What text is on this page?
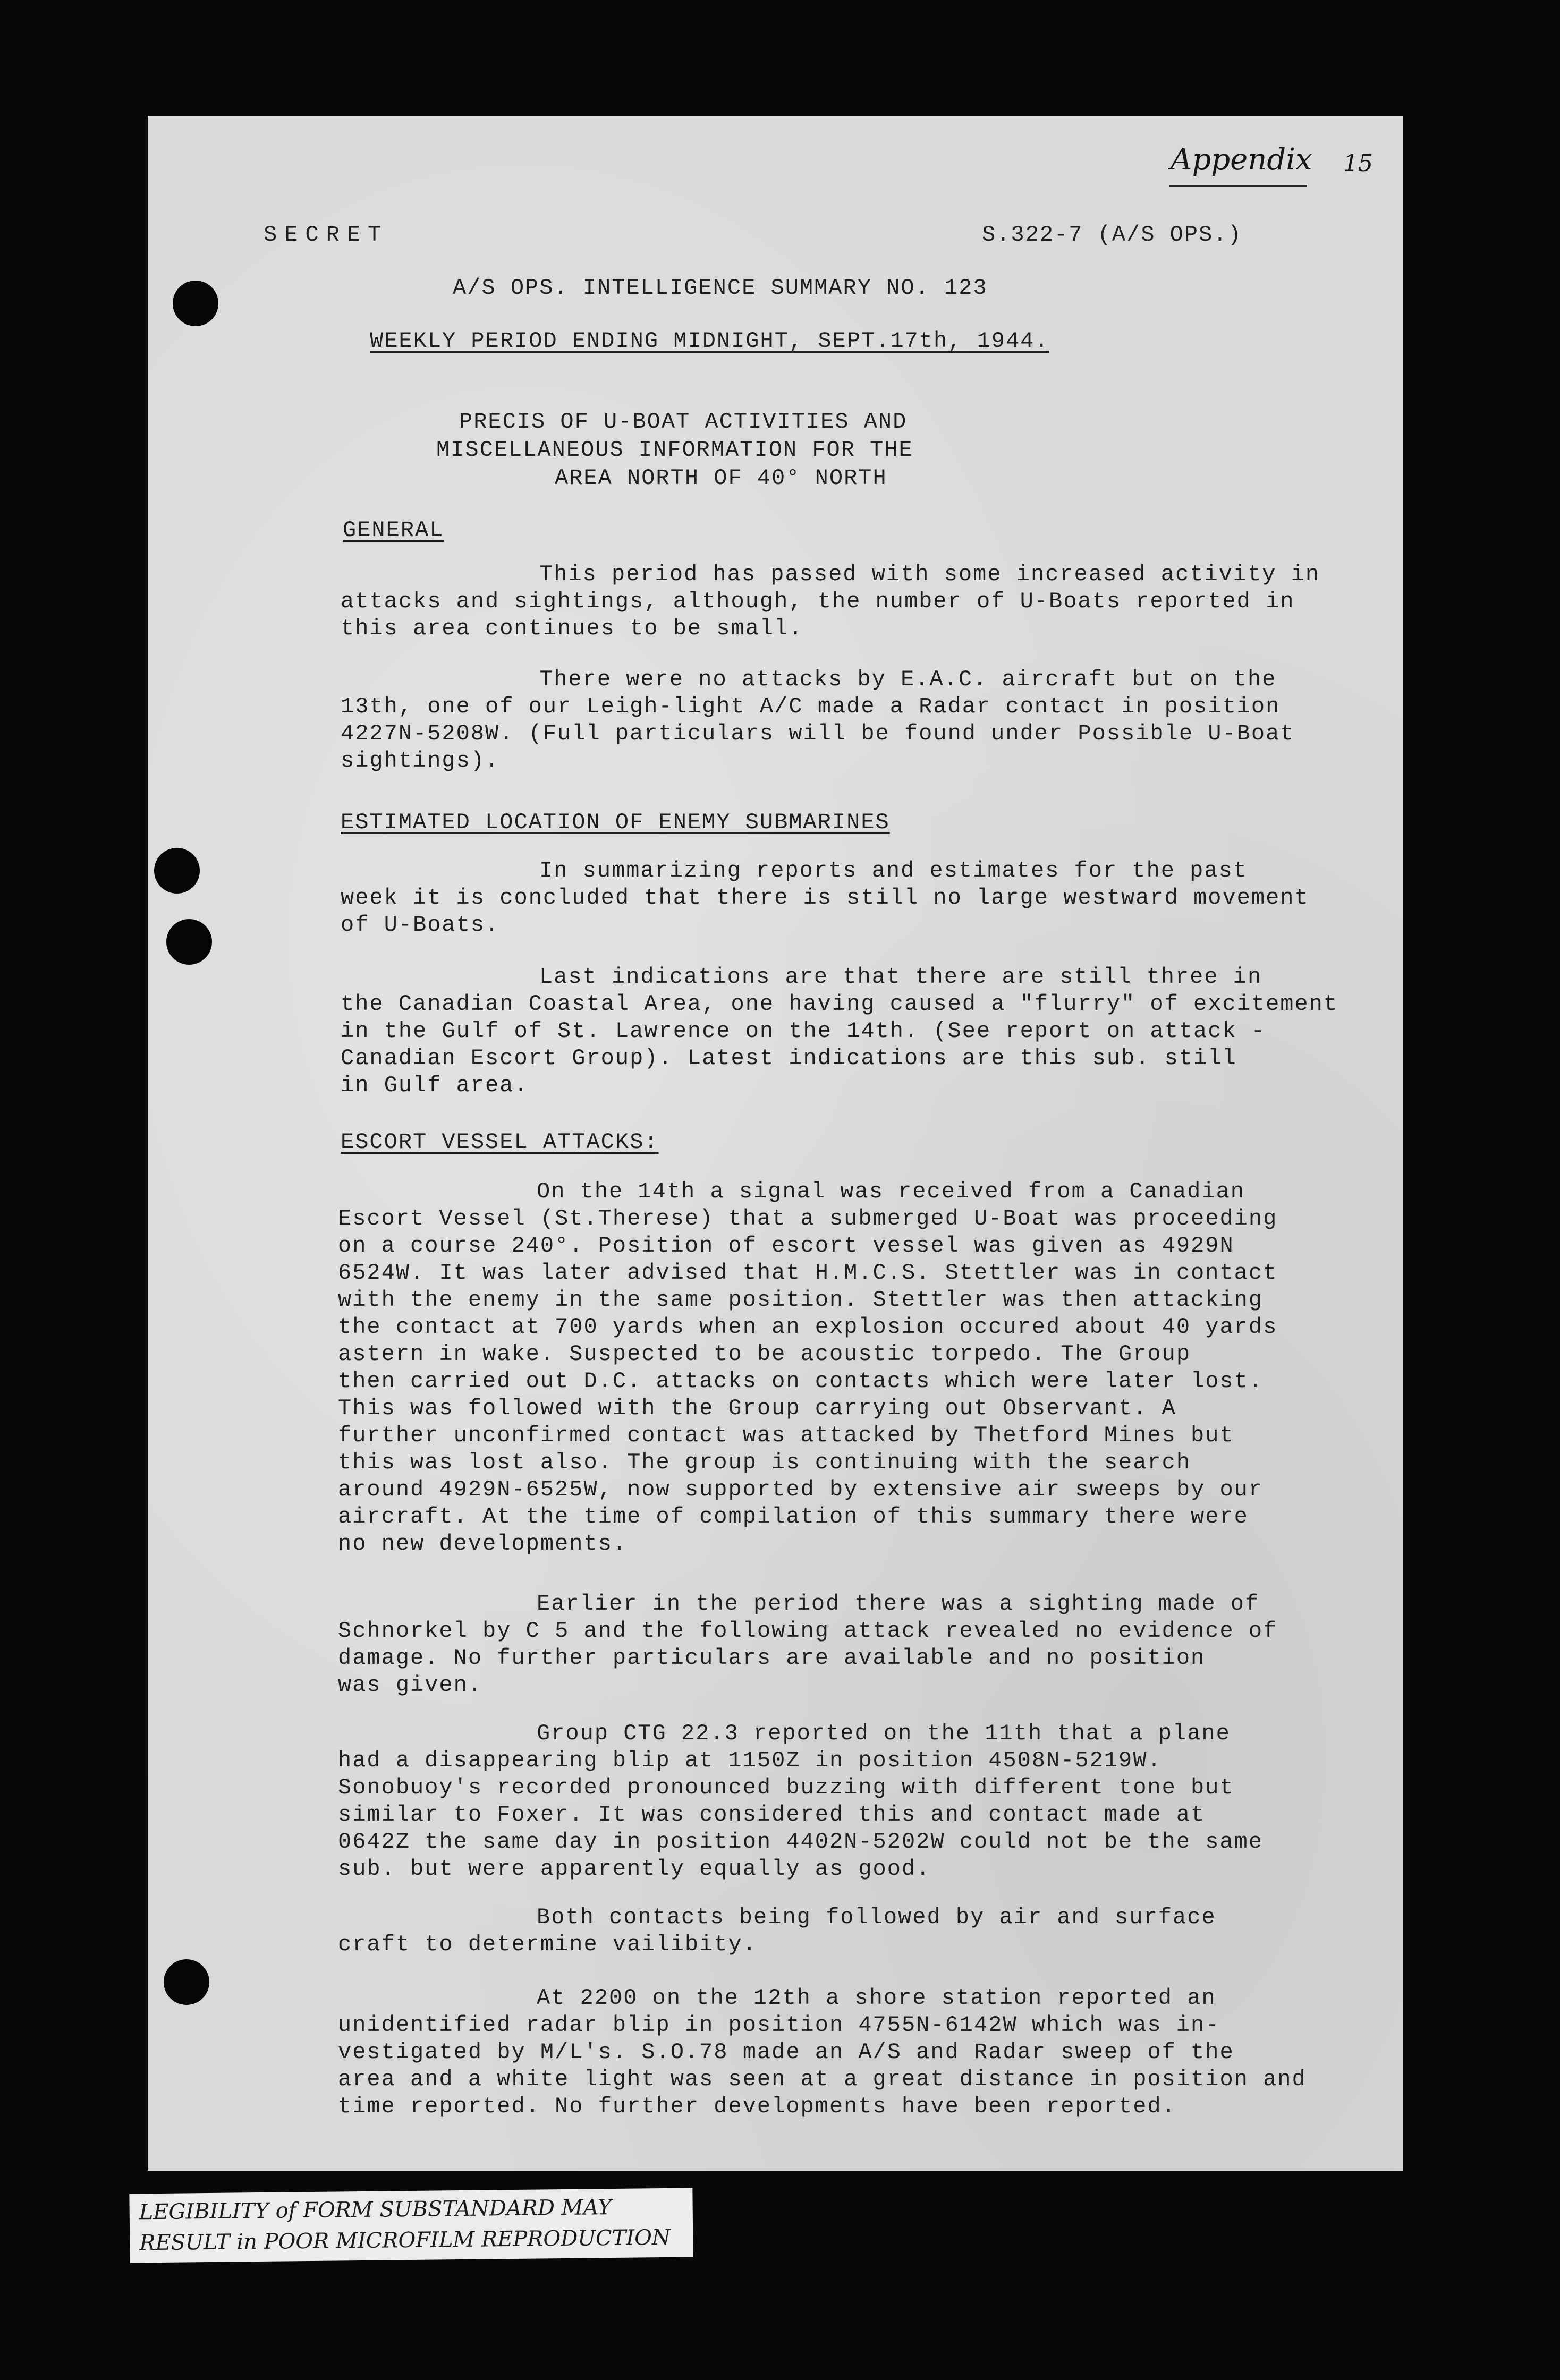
Appendix 15
SECRET	S.322-7 (A/S OPS.)
A/S OPS. INTELLIGENCE SUMMARY NO. 123
WEEKLY PERIOD ENDING MIDNIGHT, SEPT.17th, 1944.
PRECIS OF U-BOAT ACTIVITIES AND
MISCELLANEOUS INFORMATION FOR THE
AREA NORTH OF 40° NORTH
GENERAL
This period has passed with some increased activity in
attacks and sightings, although, the number of U-Boats reported in
this area continues to be small.
There were no attacks by E.A.C. aircraft but on the
13th, one of our Leigh-light A/C made a Radar contact in position
4227N-5208W. (Full particulars will be found under Possible U-Boat
sightings).
ESTIMATED LOCATION OF ENEMY SUBMARINES
In summarizing reports and estimates for the past
week it is concluded that there is still no large westward movement
of U-Boats.
Last indications are that there are still three in
the Canadian Coastal Area, one having caused a "flurry" of excitement
in the Gulf of St. Lawrence on the 14th. (See report on attack -
Canadian Escort Group). Latest indications are this sub. still
in Gulf area.
ESCORT VESSEL ATTACKS:
On the 14th a signal was received from a Canadian
Escort Vessel (St.Therese) that a submerged U-Boat was proceeding
on a course 240°. Position of escort vessel was given as 4929N
6524W. It was later advised that H.M.C.S. Stettler was in contact
with the enemy in the same position. Stettler was then attacking
the contact at 700 yards when an explosion occured about 40 yards
astern in wake. Suspected to be acoustic torpedo. The Group
then carried out D.C. attacks on contacts which were later lost.
This was followed with the Group carrying out Observant. A
further unconfirmed contact was attacked by Thetford Mines but
this was lost also. The group is continuing with the search
around 4929N-6525W, now supported by extensive air sweeps by our
aircraft. At the time of compilation of this summary there were
no new developments.
Earlier in the period there was a sighting made of
Schnorkel by C 5 and the following attack revealed no evidence of
damage. No further particulars are available and no position
was given.
Group CTG 22.3 reported on the 11th that a plane
had a disappearing blip at 1150Z in position 4508N-5219W.
Sonobuoy's recorded pronounced buzzing with different tone but
similar to Foxer. It was considered this and contact made at
0642Z the same day in position 4402N-5202W could not be the same
sub. but were apparently equally as good.
Both contacts being followed by air and surface
craft to determine vailibity.
At 2200 on the 12th a shore station reported an
unidentified radar blip in position 4755N-6142W which was in-
vestigated by M/L's. S.O.78 made an A/S and Radar sweep of the
area and a white light was seen at a great distance in position and
time reported. No further developments have been reported.
LEGIBILITY of FORM SUBSTANDARD MAY
RESULT in POOR MICROFILM REPRODUCTION
